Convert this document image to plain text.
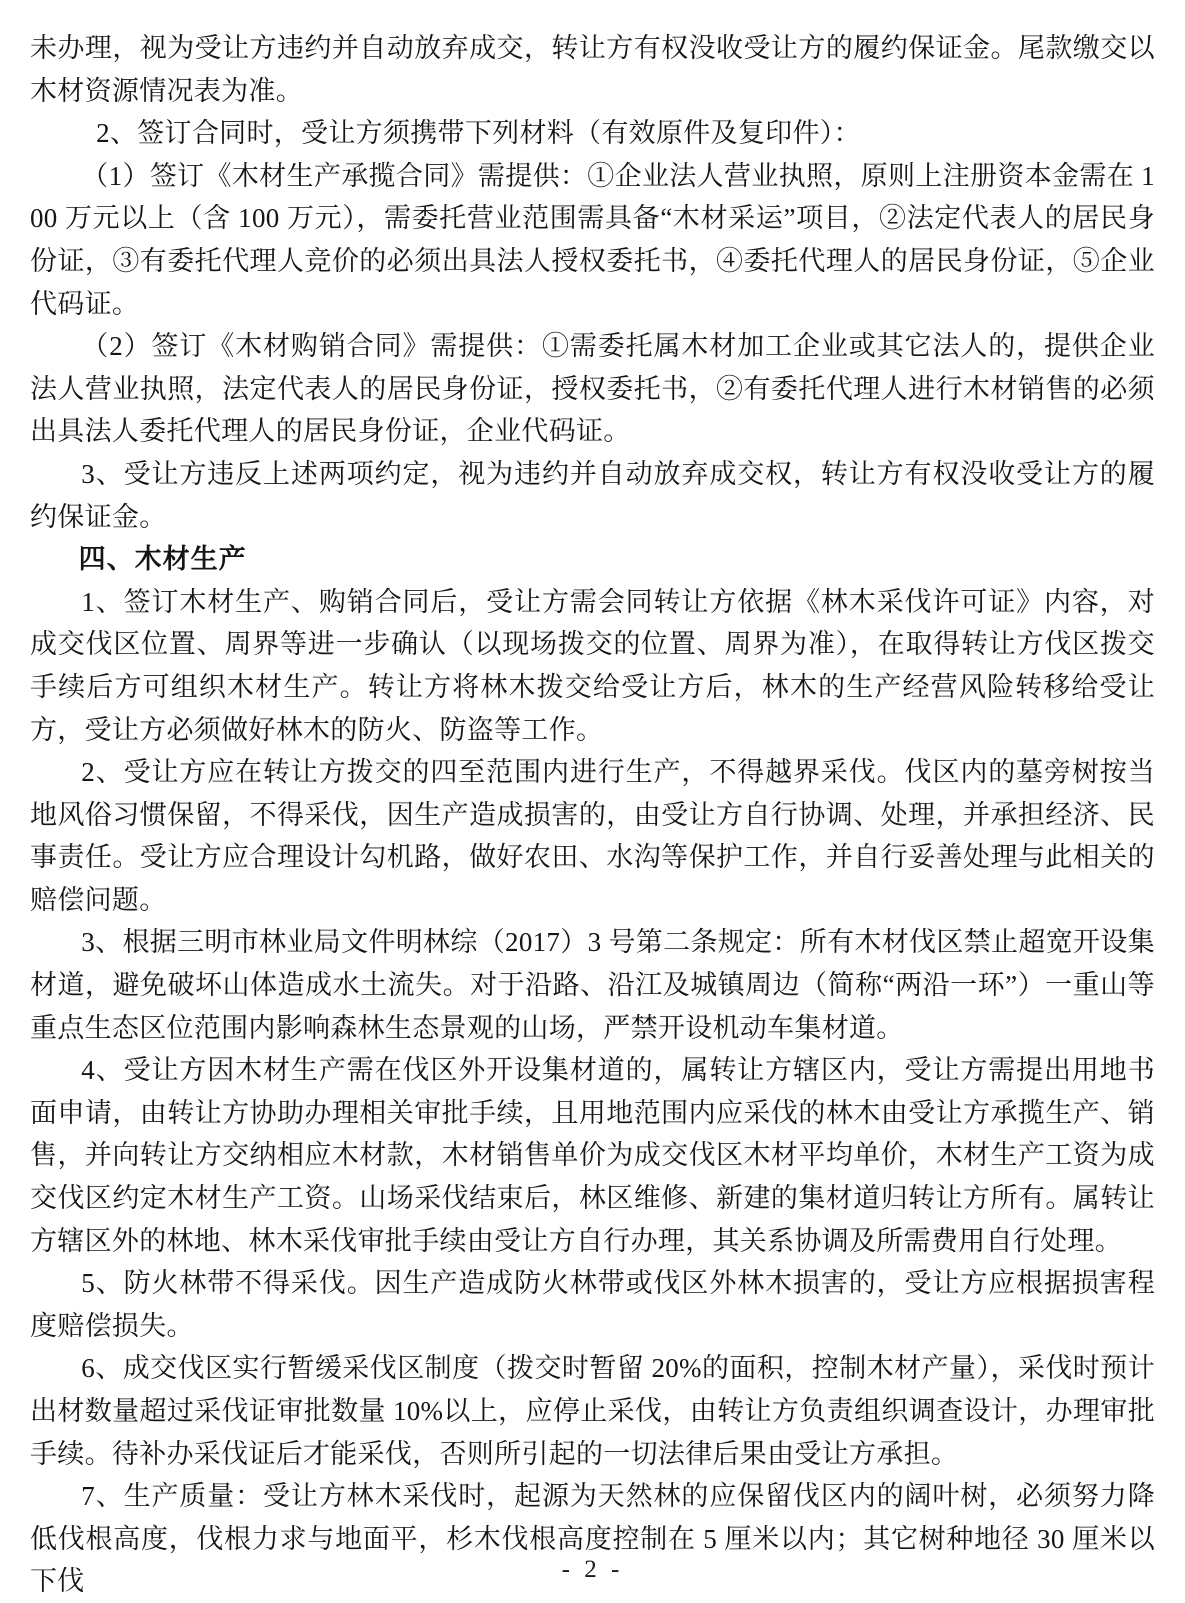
未办理，视为受让方违约并自动放弃成交，转让方有权没收受让方的履约保证金。尾款缴交以木材资源情况表为准。

2、签订合同时，受让方须携带下列材料（有效原件及复印件）：

（1）签订《木材生产承揽合同》需提供：①企业法人营业执照，原则上注册资本金需在 100 万元以上（含 100 万元），需委托营业范围需具备“木材采运”项目，②法定代表人的居民身份证，③有委托代理人竞价的必须出具法人授权委托书，④委托代理人的居民身份证，⑤企业代码证。

（2）签订《木材购销合同》需提供：①需委托属木材加工企业或其它法人的，提供企业法人营业执照，法定代表人的居民身份证，授权委托书，②有委托代理人进行木材销售的必须出具法人委托代理人的居民身份证，企业代码证。

3、受让方违反上述两项约定，视为违约并自动放弃成交权，转让方有权没收受让方的履约保证金。

四、木材生产

1、签订木材生产、购销合同后，受让方需会同转让方依据《林木采伐许可证》内容，对成交伐区位置、周界等进一步确认（以现场拨交的位置、周界为准），在取得转让方伐区拨交手续后方可组织木材生产。转让方将林木拨交给受让方后，林木的生产经营风险转移给受让方，受让方必须做好林木的防火、防盗等工作。

2、受让方应在转让方拨交的四至范围内进行生产，不得越界采伐。伐区内的墓旁树按当地风俗习惯保留，不得采伐，因生产造成损害的，由受让方自行协调、处理，并承担经济、民事责任。受让方应合理设计勾机路，做好农田、水沟等保护工作，并自行妥善处理与此相关的赔偿问题。

3、根据三明市林业局文件明林综（2017）3 号第二条规定：所有木材伐区禁止超宽开设集材道，避免破坏山体造成水土流失。对于沿路、沿江及城镇周边（简称“两沿一环”）一重山等重点生态区位范围内影响森林生态景观的山场，严禁开设机动车集材道。

4、受让方因木材生产需在伐区外开设集材道的，属转让方辖区内，受让方需提出用地书面申请，由转让方协助办理相关审批手续，且用地范围内应采伐的林木由受让方承揽生产、销售，并向转让方交纳相应木材款，木材销售单价为成交伐区木材平均单价，木材生产工资为成交伐区约定木材生产工资。山场采伐结束后，林区维修、新建的集材道归转让方所有。属转让方辖区外的林地、林木采伐审批手续由受让方自行办理，其关系协调及所需费用自行处理。

5、防火林带不得采伐。因生产造成防火林带或伐区外林木损害的，受让方应根据损害程度赔偿损失。

6、成交伐区实行暂缓采伐区制度（拨交时暂留 20%的面积，控制木材产量），采伐时预计出材数量超过采伐证审批数量 10%以上，应停止采伐，由转让方负责组织调查设计，办理审批手续。待补办采伐证后才能采伐，否则所引起的一切法律后果由受让方承担。

7、生产质量：受让方林木采伐时，起源为天然林的应保留伐区内的阔叶树，必须努力降低伐根高度，伐根力求与地面平，杉木伐根高度控制在 5 厘米以内；其它树种地径 30 厘米以下伐	- 2 -
